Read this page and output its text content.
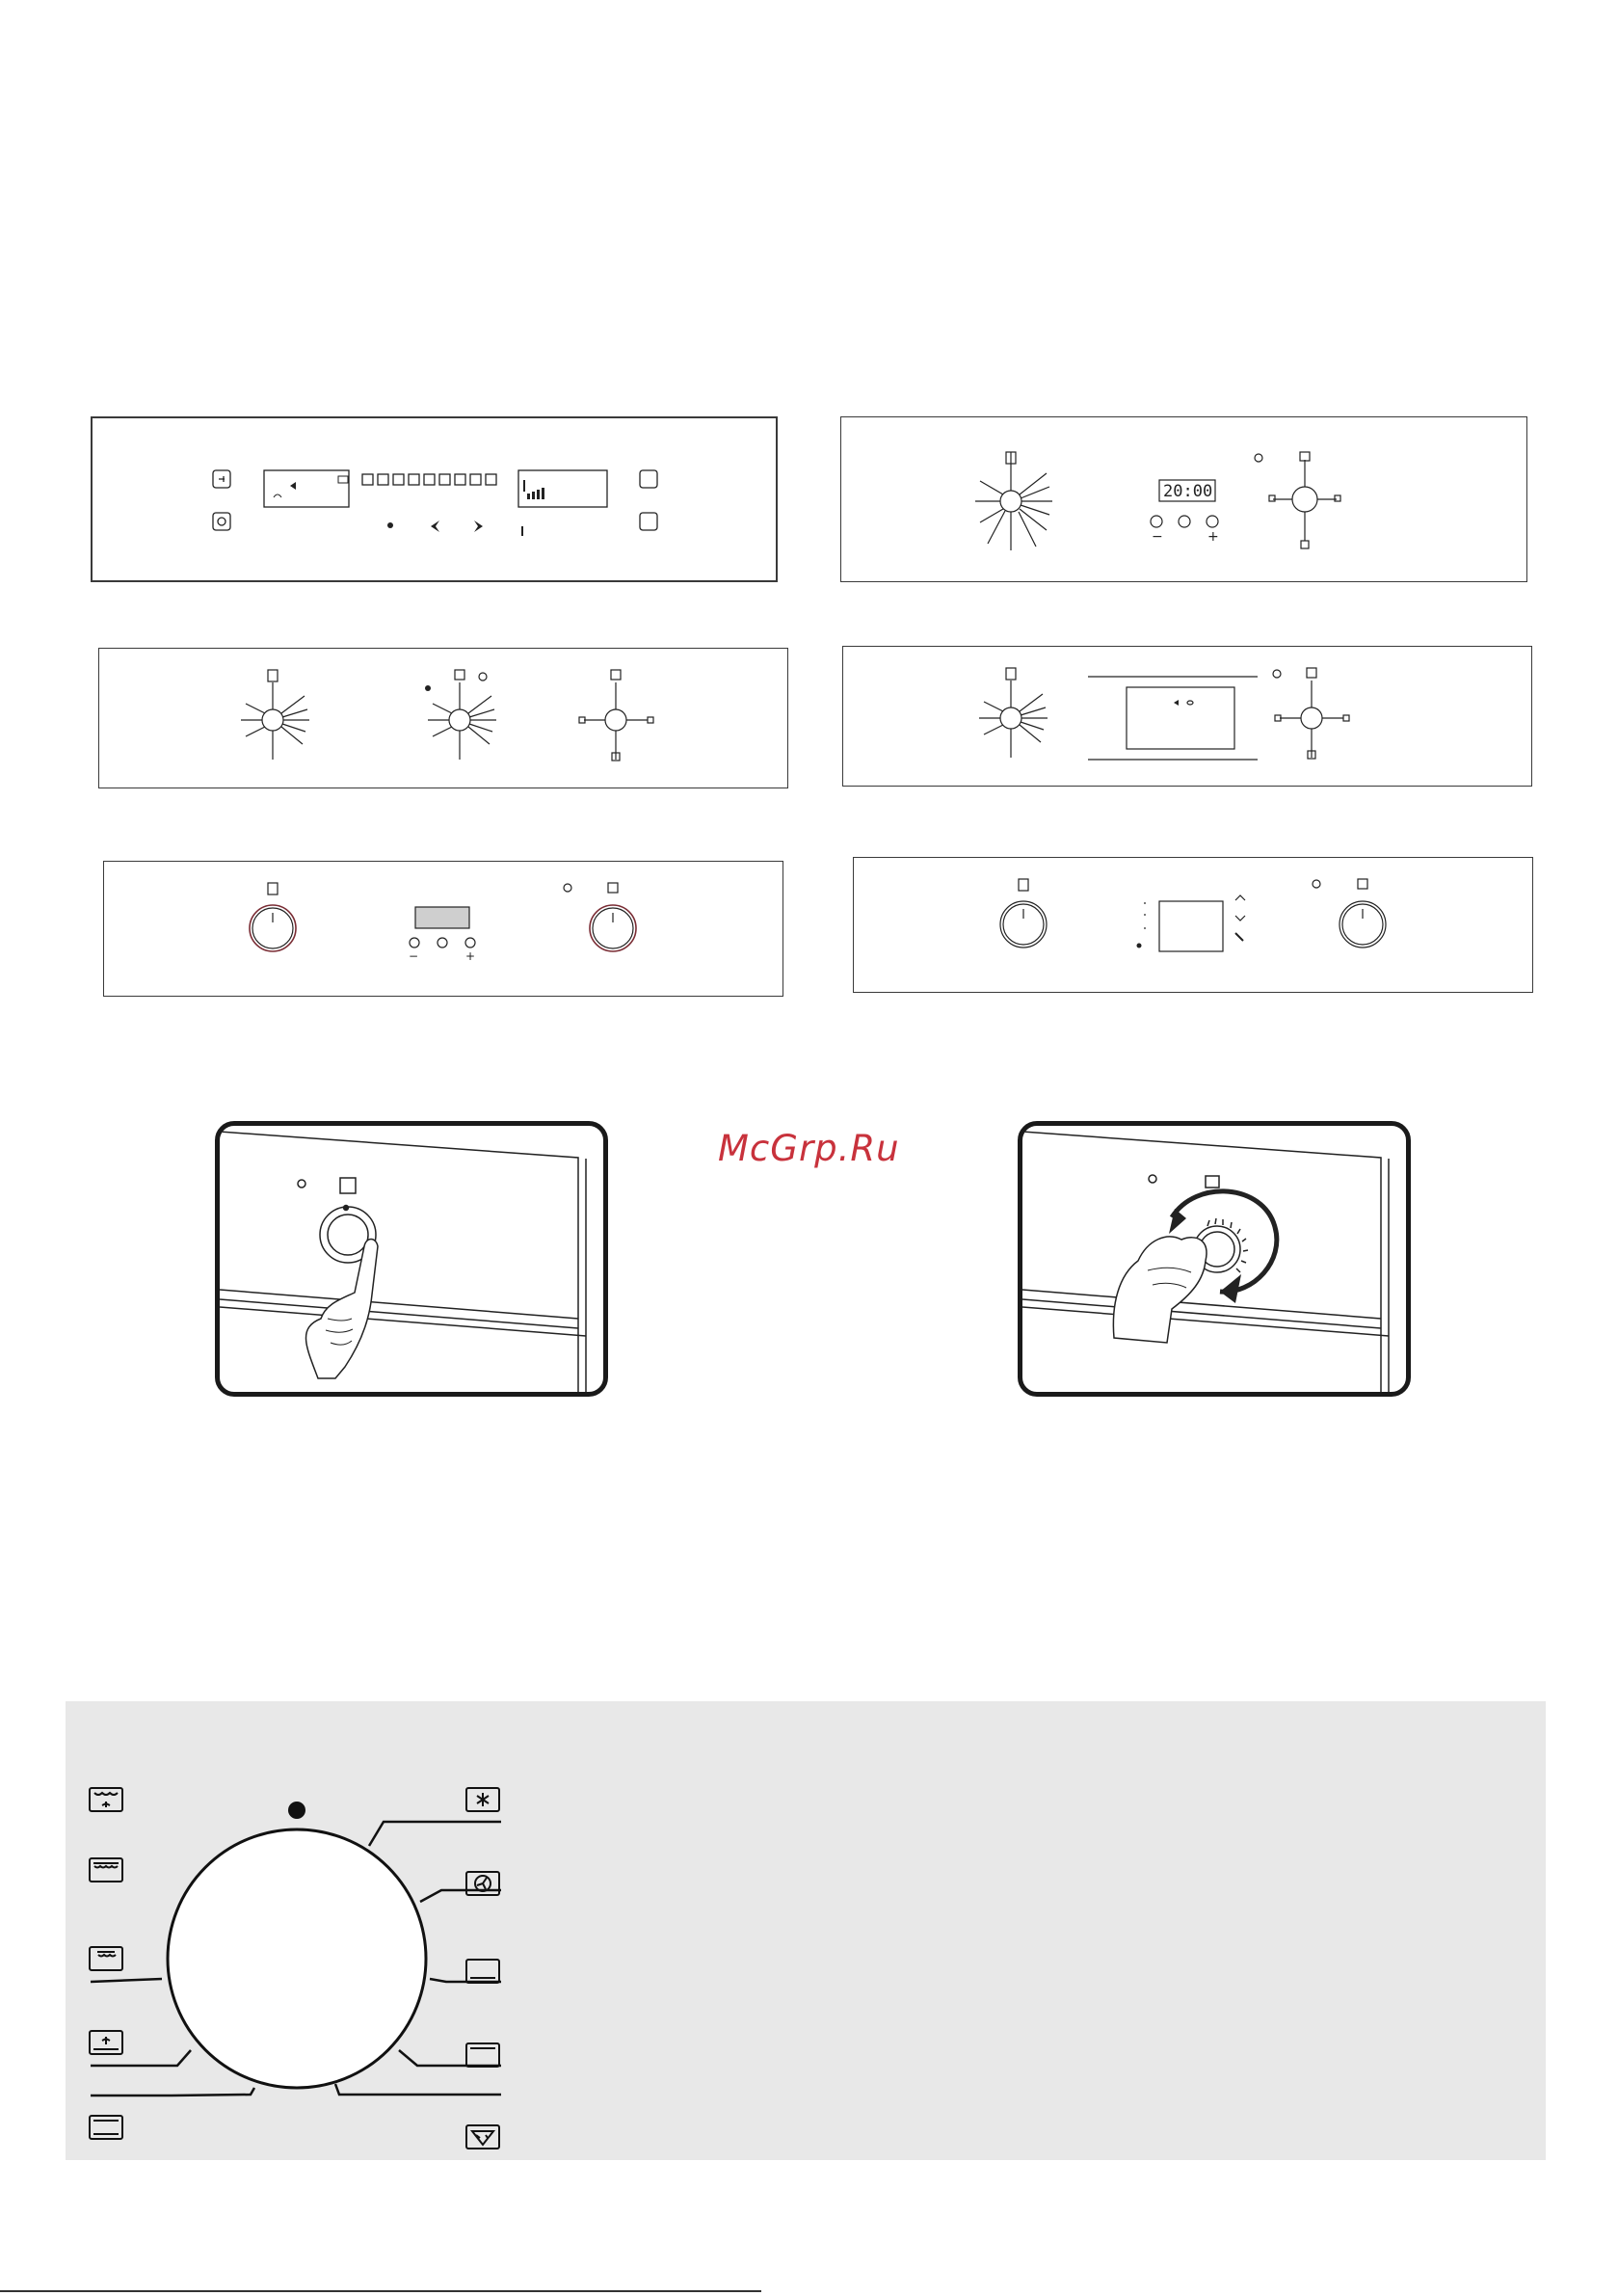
20:00
−	+
−	+
McGrp.Ru
